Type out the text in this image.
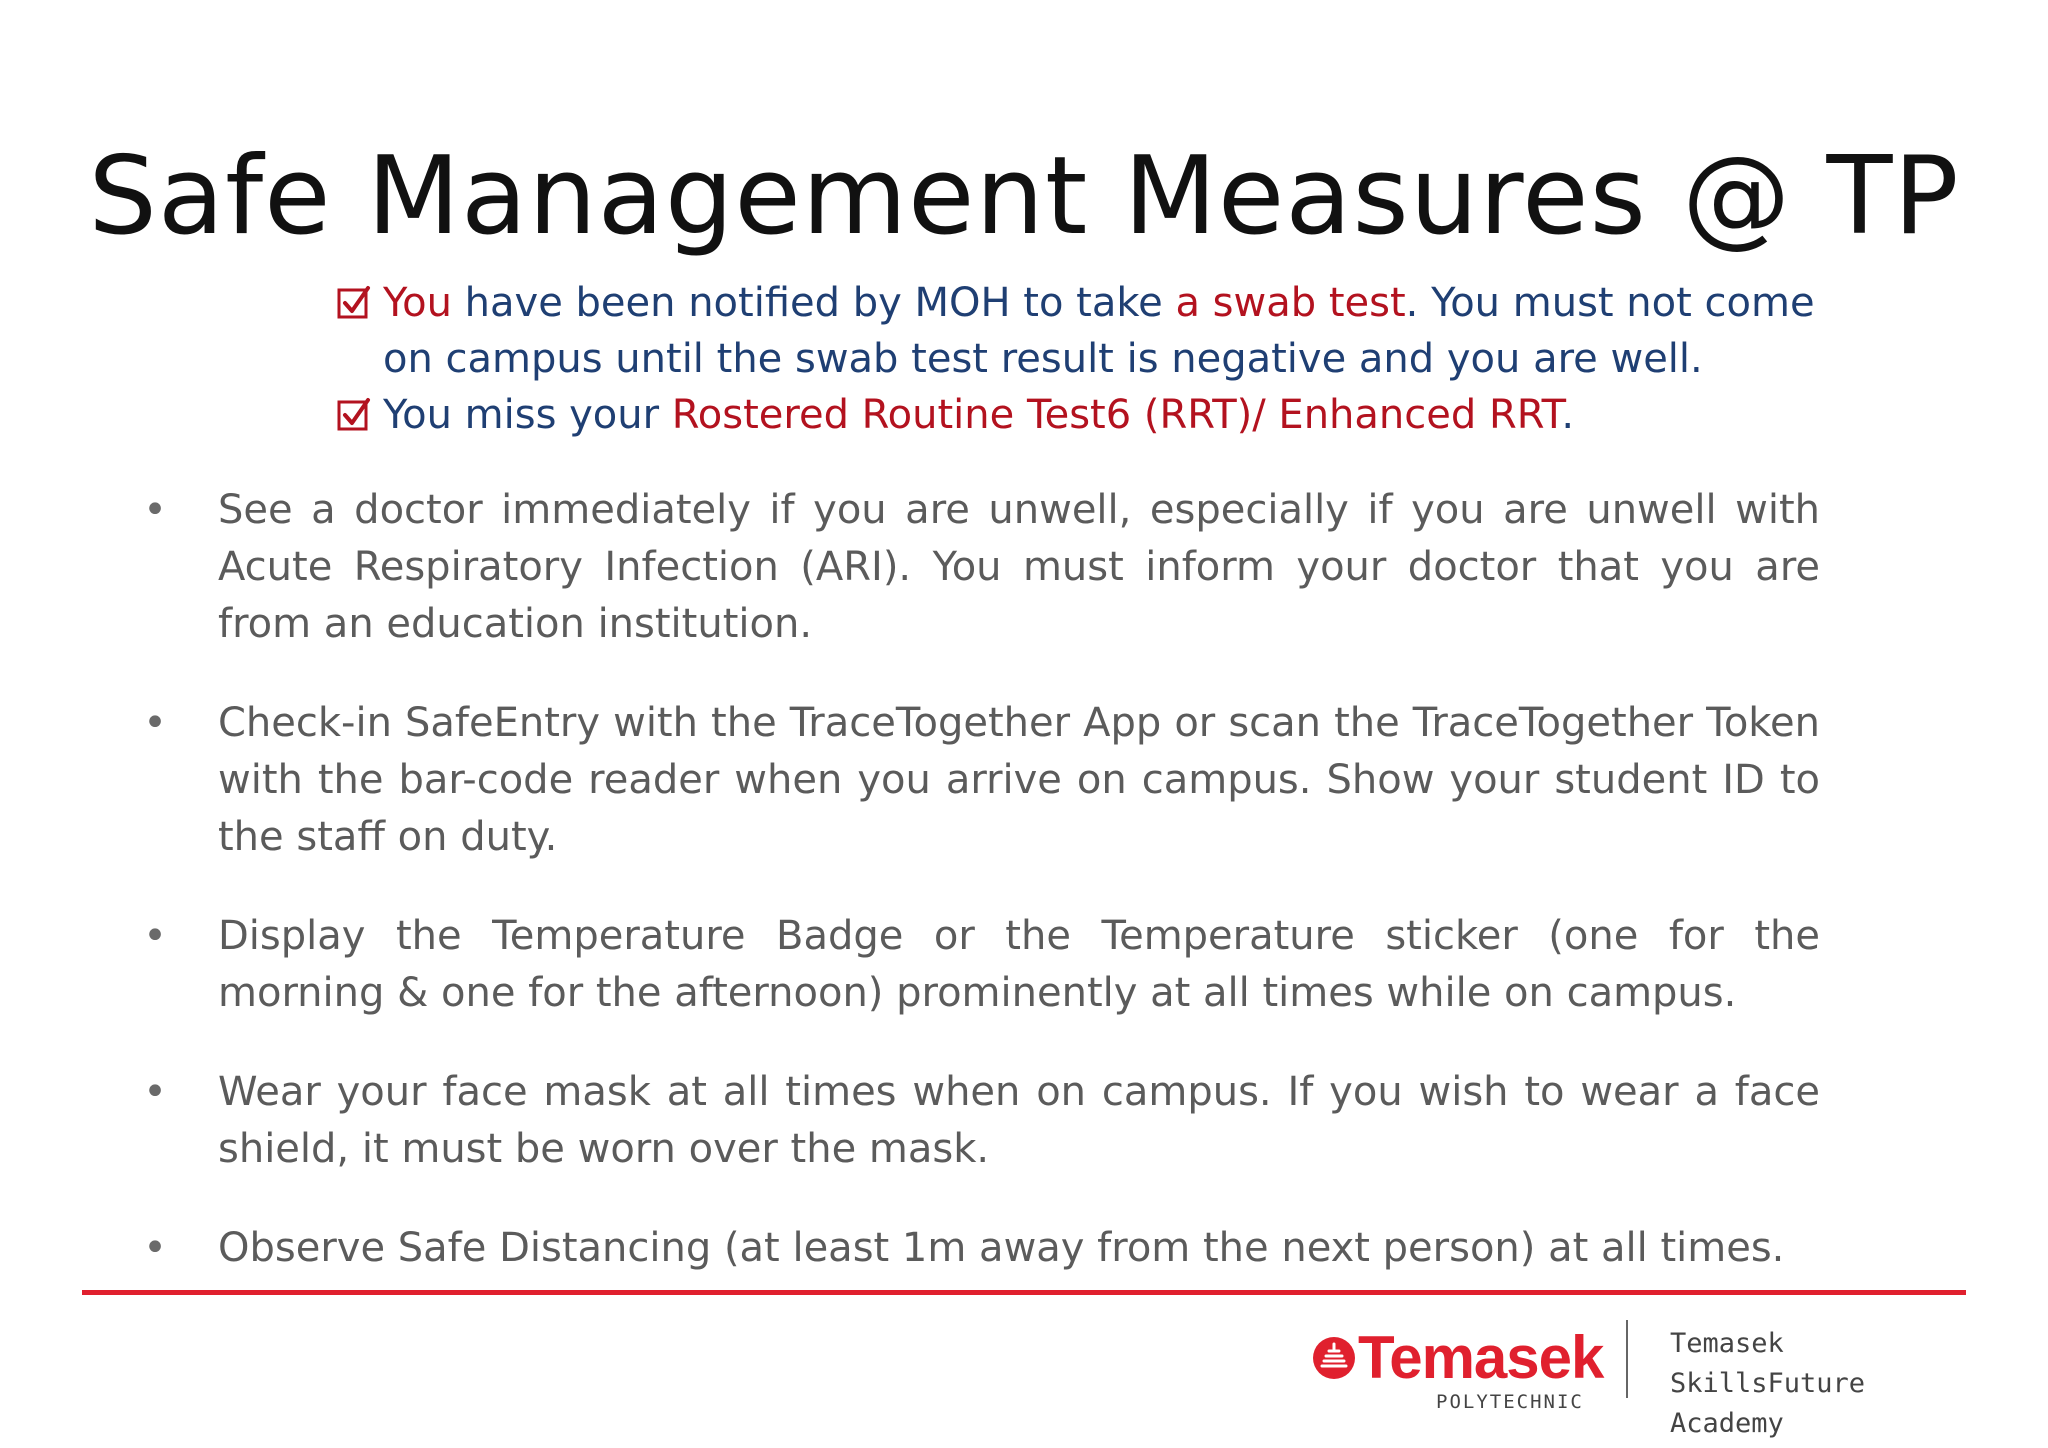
Safe Management Measures @ TP
You have been notified by MOH to take a swab test. You must not come on campus until the swab test result is negative and you are well.
You miss your Rostered Routine Test6 (RRT)/ Enhanced RRT.
• See a doctor immediately if you are unwell, especially if you are unwell with Acute Respiratory Infection (ARI). You must inform your doctor that you are from an education institution.
• Check-in SafeEntry with the TraceTogether App or scan the TraceTogether Token with the bar-code reader when you arrive on campus. Show your student ID to the staff on duty.
• Display the Temperature Badge or the Temperature sticker (one for the morning & one for the afternoon) prominently at all times while on campus.
• Wear your face mask at all times when on campus. If you wish to wear a face shield, it must be worn over the mask.
• Observe Safe Distancing (at least 1m away from the next person) at all times.
Temasek
POLYTECHNIC
Temasek SkillsFuture
Academy
